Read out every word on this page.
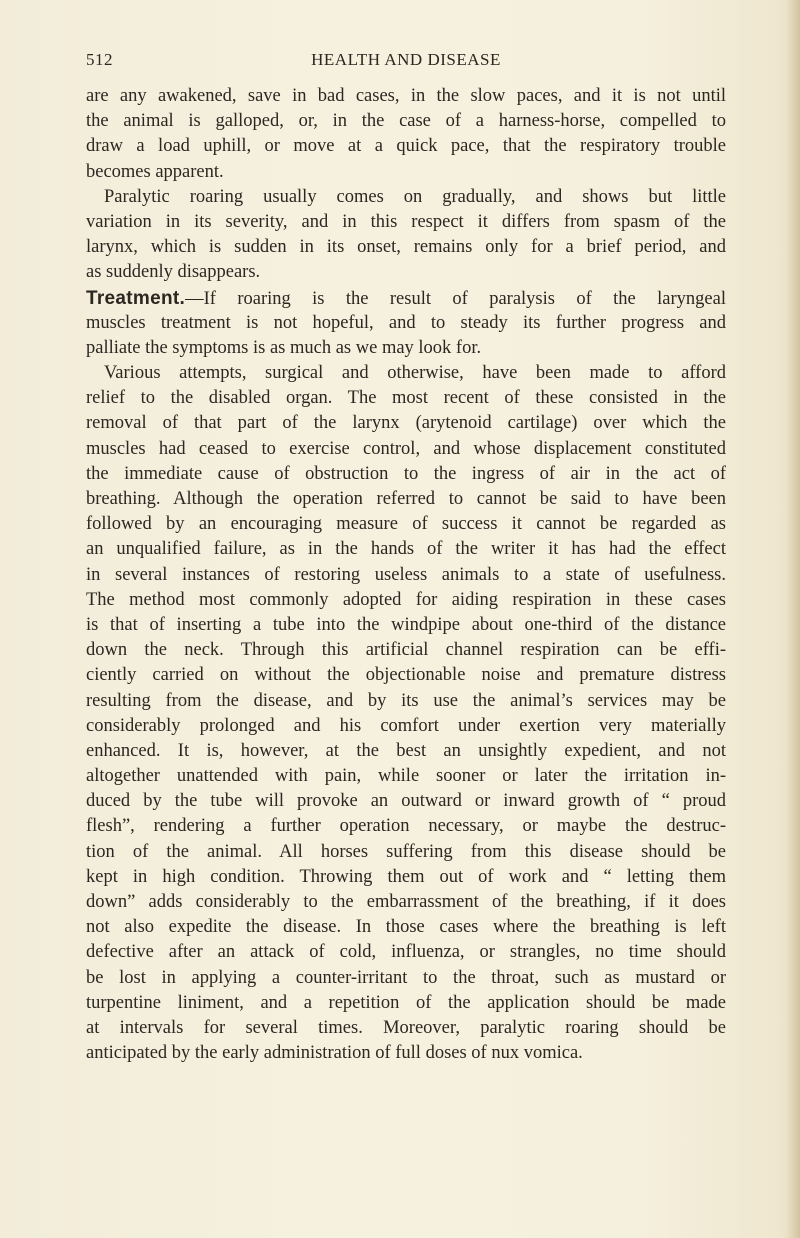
512	HEALTH AND DISEASE
are any awakened, save in bad cases, in the slow paces, and it is not until
the animal is galloped, or, in the case of a harness-horse, compelled to
draw a load uphill, or move at a quick pace, that the respiratory trouble
becomes apparent.
Paralytic roaring usually comes on gradually, and shows but little
variation in its severity, and in this respect it differs from spasm of the
larynx, which is sudden in its onset, remains only for a brief period, and
as suddenly disappears.
Treatment.—If roaring is the result of paralysis of the laryngeal
muscles treatment is not hopeful, and to steady its further progress and
palliate the symptoms is as much as we may look for.
Various attempts, surgical and otherwise, have been made to afford
relief to the disabled organ. The most recent of these consisted in the
removal of that part of the larynx (arytenoid cartilage) over which the
muscles had ceased to exercise control, and whose displacement constituted
the immediate cause of obstruction to the ingress of air in the act of
breathing. Although the operation referred to cannot be said to have been
followed by an encouraging measure of success it cannot be regarded as
an unqualified failure, as in the hands of the writer it has had the effect
in several instances of restoring useless animals to a state of usefulness.
The method most commonly adopted for aiding respiration in these cases
is that of inserting a tube into the windpipe about one-third of the distance
down the neck. Through this artificial channel respiration can be effi-
ciently carried on without the objectionable noise and premature distress
resulting from the disease, and by its use the animal’s services may be
considerably prolonged and his comfort under exertion very materially
enhanced. It is, however, at the best an unsightly expedient, and not
altogether unattended with pain, while sooner or later the irritation in-
duced by the tube will provoke an outward or inward growth of “ proud
flesh”, rendering a further operation necessary, or maybe the destruc-
tion of the animal. All horses suffering from this disease should be
kept in high condition. Throwing them out of work and “ letting them
down” adds considerably to the embarrassment of the breathing, if it does
not also expedite the disease. In those cases where the breathing is left
defective after an attack of cold, influenza, or strangles, no time should
be lost in applying a counter-irritant to the throat, such as mustard or
turpentine liniment, and a repetition of the application should be made
at intervals for several times. Moreover, paralytic roaring should be
anticipated by the early administration of full doses of nux vomica.
